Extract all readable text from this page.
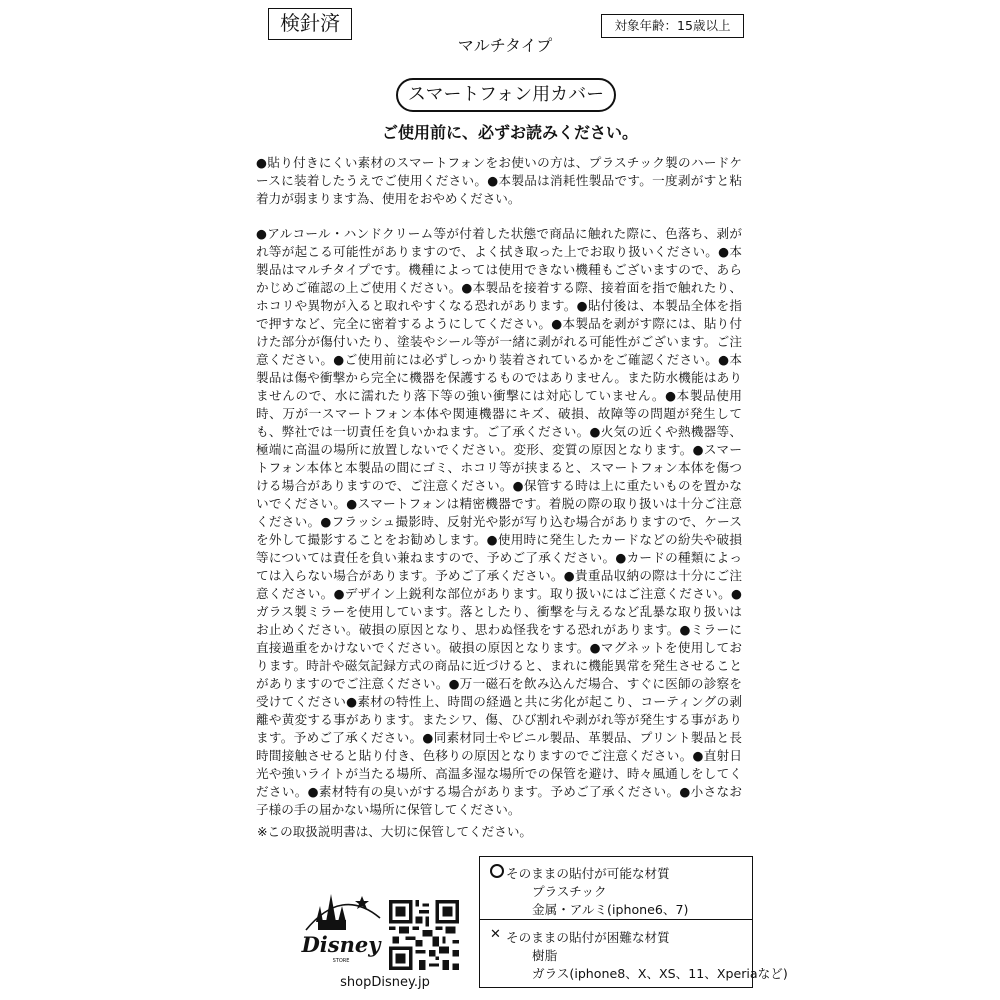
検針済	対象年齢：15歳以上
マルチタイプ
スマートフォン用カバー
ご使用前に、必ずお読みください。
●貼り付きにくい素材のスマートフォンをお使いの方は、プラスチック製のハードケースに装着したうえでご使用ください。●本製品は消耗性製品です。一度剥がすと粘着力が弱まります為、使用をおやめください。
●アルコール・ハンドクリーム等が付着した状態で商品に触れた際に、色落ち、剥がれ等が起こる可能性がありますので、よく拭き取った上でお取り扱いください。●本製品はマルチタイプです。機種によっては使用できない機種もございますので、あらかじめご確認の上ご使用ください。●本製品を接着する際、接着面を指で触れたり、ホコリや異物が入ると取れやすくなる恐れがあります。●貼付後は、本製品全体を指で押すなど、完全に密着するようにしてください。●本製品を剥がす際には、貼り付けた部分が傷付いたり、塗装やシール等が一緒に剥がれる可能性がございます。ご注意ください。●ご使用前には必ずしっかり装着されているかをご確認ください。●本製品は傷や衝撃から完全に機器を保護するものではありません。また防水機能はありませんので、水に濡れたり落下等の強い衝撃には対応していません。●本製品使用時、万が一スマートフォン本体や関連機器にキズ、破損、故障等の問題が発生しても、弊社では一切責任を負いかねます。ご了承ください。●火気の近くや熱機器等、極端に高温の場所に放置しないでください。変形、変質の原因となります。●スマートフォン本体と本製品の間にゴミ、ホコリ等が挟まると、スマートフォン本体を傷つける場合がありますので、ご注意ください。●保管する時は上に重たいものを置かないでください。●スマートフォンは精密機器です。着脱の際の取り扱いは十分ご注意ください。●フラッシュ撮影時、反射光や影が写り込む場合がありますので、ケースを外して撮影することをお勧めします。●使用時に発生したカードなどの紛失や破損等については責任を負い兼ねますので、予めご了承ください。●カードの種類によっては入らない場合があります。予めご了承ください。●貴重品収納の際は十分にご注意ください。●デザイン上鋭利な部位があります。取り扱いにはご注意ください。●ガラス製ミラーを使用しています。落としたり、衝撃を与えるなど乱暴な取り扱いはお止めください。破損の原因となり、思わぬ怪我をする恐れがあります。●ミラーに直接過重をかけないでください。破損の原因となります。●マグネットを使用しております。時計や磁気記録方式の商品に近づけると、まれに機能異常を発生させることがありますのでご注意ください。●万一磁石を飲み込んだ場合、すぐに医師の診察を受けてください●素材の特性上、時間の経過と共に劣化が起こり、コーティングの剥離や黄変する事があります。またシワ、傷、ひび割れや剥がれ等が発生する事があります。予めご了承ください。●同素材同士やビニル製品、革製品、プリント製品と長時間接触させると貼り付き、色移りの原因となりますのでご注意ください。●直射日光や強いライトが当たる場所、高温多湿な場所での保管を避け、時々風通しをしてください。●素材特有の臭いがする場合があります。予めご了承ください。●小さなお子様の手の届かない場所に保管してください。
※この取扱説明書は、大切に保管してください。
そのままの貼付が可能な材質
プラスチック
金属・アルミ(iphone6、7)
✕ そのままの貼付が困難な材質
樹脂
ガラス(iphone8、X、XS、11、Xperiaなど)
Disney
STORE
shopDisney.jp
